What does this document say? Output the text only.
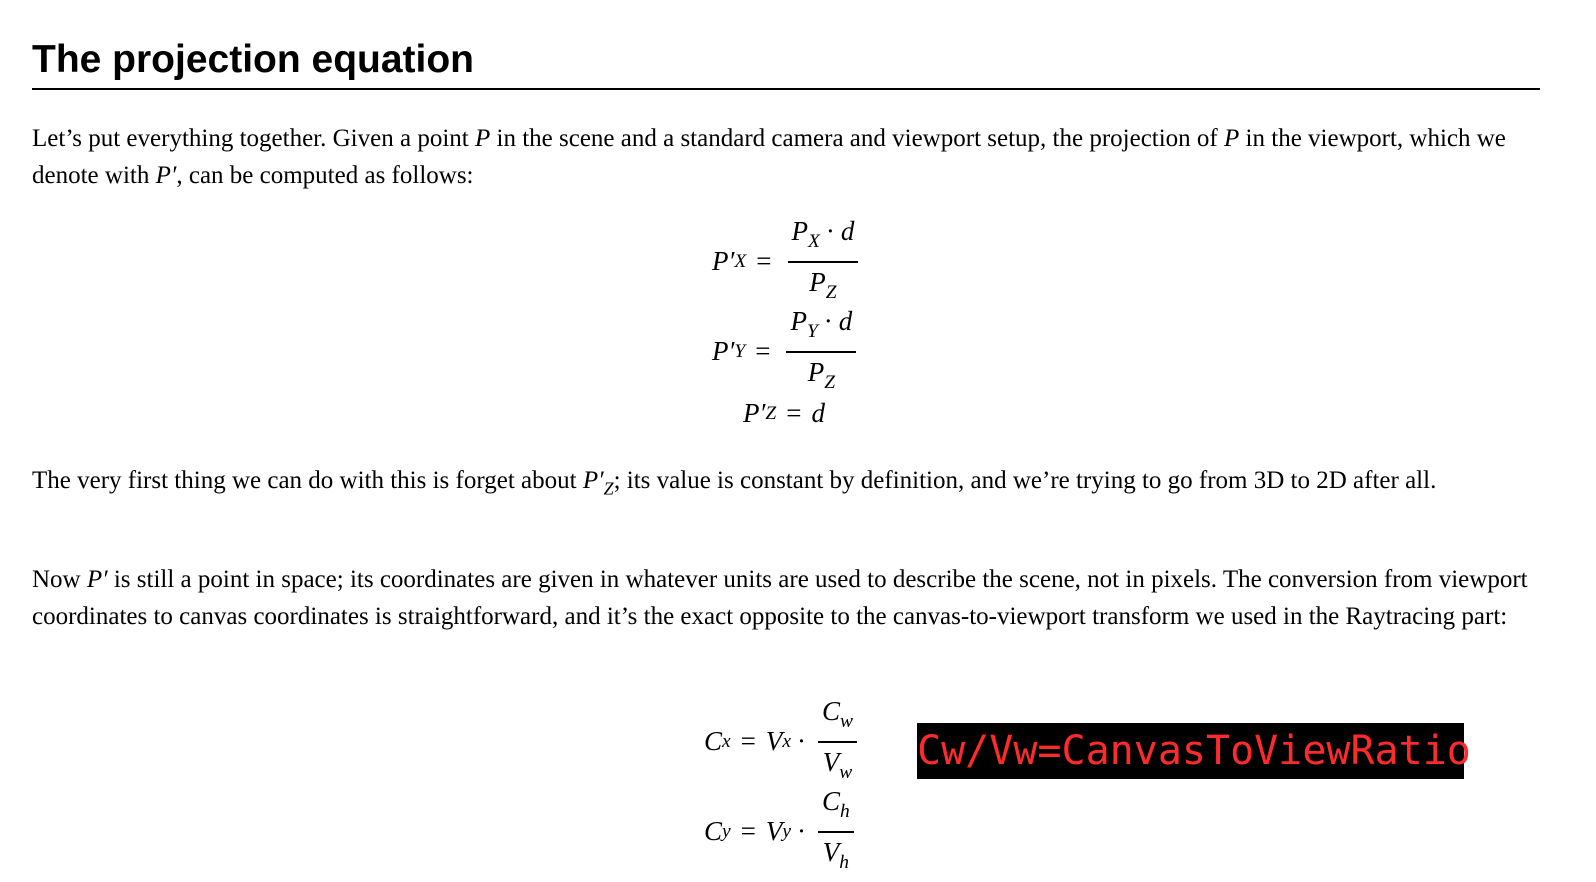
The projection equation

Let’s put everything together. Given a point P in the scene and a standard camera and viewport setup, the projection of P in the viewport, which we denote with P′, can be computed as follows:

P′ $X = \frac{P_X \cdot d}{P_Z}$
P′ $Y = \frac{P_Y \cdot d}{P_Z}$
P′ Z = d

The very first thing we can do with this is forget about $P'_Z$; its value is constant by definition, and we’re trying to go from 3D to 2D after all.

Now P′ is still a point in space; its coordinates are given in whatever units are used to describe the scene, not in pixels. The conversion from viewport coordinates to canvas coordinates is straightforward, and it’s the exact opposite to the canvas-to-viewport transform we used in the Raytracing part:

C x = V $x \cdot \frac{C_w}{V_w}$
C y = V $y \cdot \frac{C_h}{V_h}$
Cw/Vw=CanvasToViewRatio
